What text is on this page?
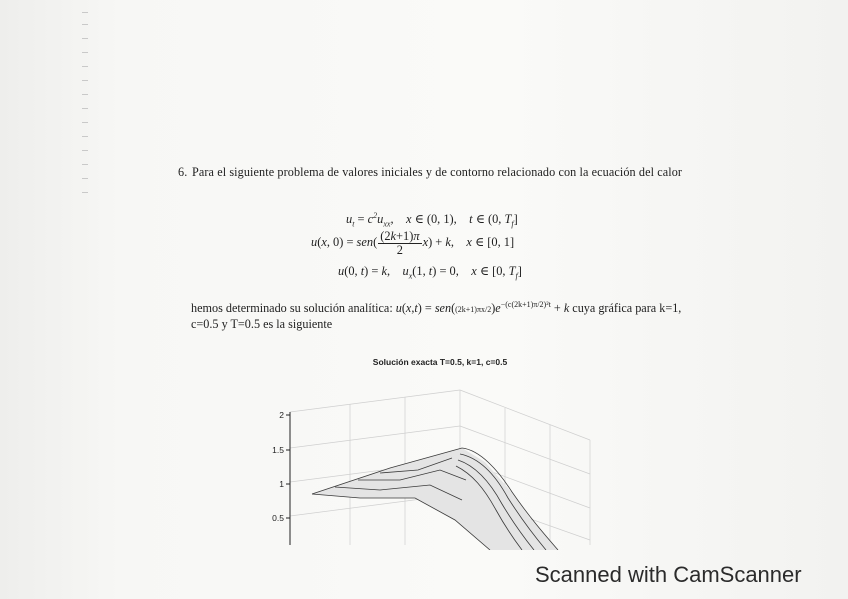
6. Para el siguiente problema de valores iniciales y de contorno relacionado con la ecuación del calor
$u_t = c^2u_{xx}$,    x ∈ (0, 1),    t ∈ (0, $T_f$]
u(x, $0) = sen( \frac{(2k+1)\pi}{2} x) + k$,    x ∈ [0, 1]
u(0, t) = k,    $u_x(1$, t) = 0,    x ∈ [0, $T_f$]
hemos determinado su solución analítica: $u(x,t) = sen((2k+1)\pi x/2)e^{-(c(2k+1)\pi/2)^2t} + k$ cuya gráfica para k=1, c=0.5 y T=0.5 es la siguiente
Solución exacta T=0.5, k=1, c=0.5
2
1.5
1
0.5
Scanned with CamScanner
